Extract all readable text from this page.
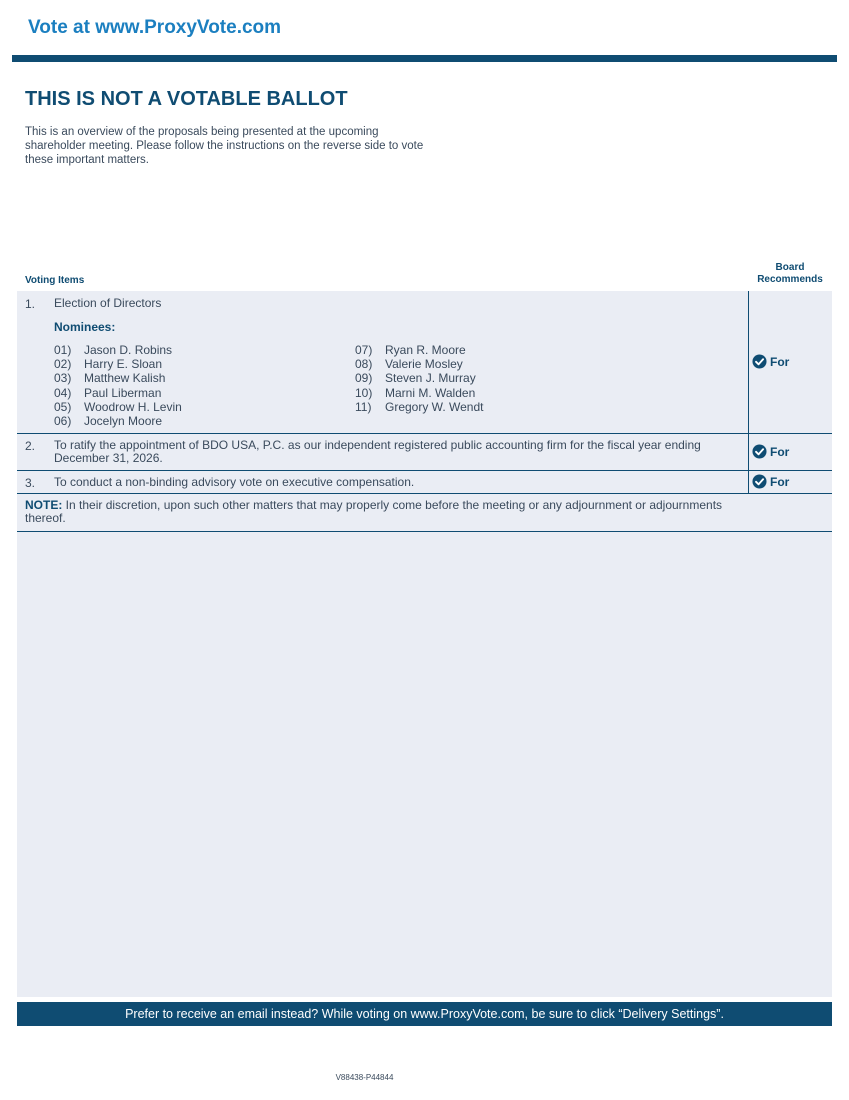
Vote at www.ProxyVote.com
THIS IS NOT A VOTABLE BALLOT
This is an overview of the proposals being presented at the upcoming shareholder meeting. Please follow the instructions on the reverse side to vote these important matters.
Voting Items
Board
Recommends
1. Election of Directors
Nominees:
01) Jason D. Robins
02) Harry E. Sloan
03) Matthew Kalish
04) Paul Liberman
05) Woodrow H. Levin
06) Jocelyn Moore
07) Ryan R. Moore
08) Valerie Mosley
09) Steven J. Murray
10) Marni M. Walden
11) Gregory W. Wendt
For
2. To ratify the appointment of BDO USA, P.C. as our independent registered public accounting firm for the fiscal year ending December 31, 2026.	For
3. To conduct a non-binding advisory vote on executive compensation.	For
NOTE: In their discretion, upon such other matters that may properly come before the meeting or any adjournment or adjournments thereof.
Prefer to receive an email instead? While voting on www.ProxyVote.com, be sure to click “Delivery Settings”.
V88438-P44844
